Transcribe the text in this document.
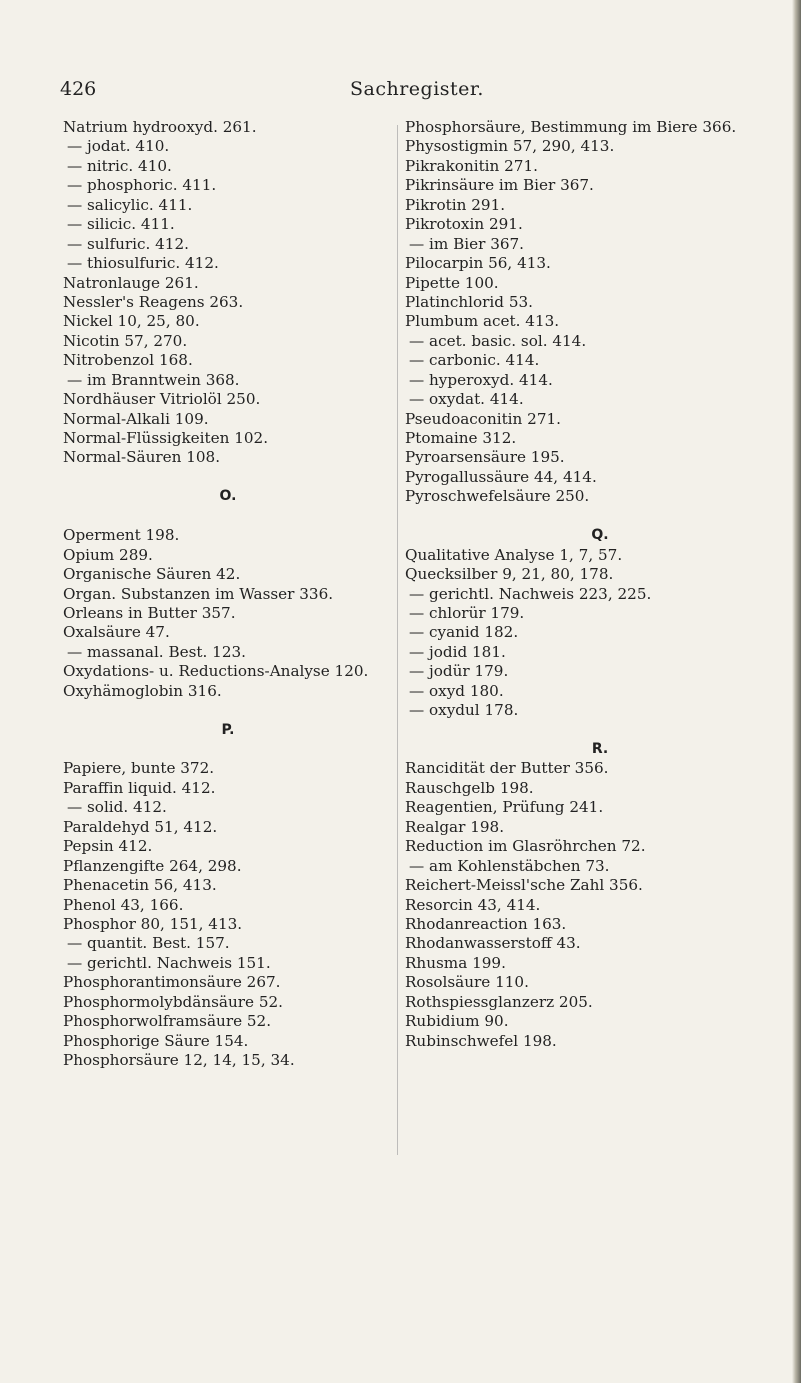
426	Sachregister.
Natrium hydrooxyd. 261.
— jodat. 410.
— nitric. 410.
— phosphoric. 411.
— salicylic. 411.
— silicic. 411.
— sulfuric. 412.
— thiosulfuric. 412.
Natronlauge 261.
Nessler's Reagens 263.
Nickel 10, 25, 80.
Nicotin 57, 270.
Nitrobenzol 168.
— im Branntwein 368.
Nordhäuser Vitriolöl 250.
Normal-Alkali 109.
Normal-Flüssigkeiten 102.
Normal-Säuren 108.
O.
Operment 198.
Opium 289.
Organische Säuren 42.
Organ. Substanzen im Wasser 336.
Orleans in Butter 357.
Oxalsäure 47.
— massanal. Best. 123.
Oxydations- u. Reductions-Analyse 120.
Oxyhämoglobin 316.
P.
Papiere, bunte 372.
Paraffin liquid. 412.
— solid. 412.
Paraldehyd 51, 412.
Pepsin 412.
Pflanzengifte 264, 298.
Phenacetin 56, 413.
Phenol 43, 166.
Phosphor 80, 151, 413.
— quantit. Best. 157.
— gerichtl. Nachweis 151.
Phosphorantimonsäure 267.
Phosphormolybdänsäure 52.
Phosphorwolframsäure 52.
Phosphorige Säure 154.
Phosphorsäure 12, 14, 15, 34.
Phosphorsäure, Bestimmung im Biere 366.
Physostigmin 57, 290, 413.
Pikrakonitin 271.
Pikrinsäure im Bier 367.
Pikrotin 291.
Pikrotoxin 291.
— im Bier 367.
Pilocarpin 56, 413.
Pipette 100.
Platinchlorid 53.
Plumbum acet. 413.
— acet. basic. sol. 414.
— carbonic. 414.
— hyperoxyd. 414.
— oxydat. 414.
Pseudoaconitin 271.
Ptomaine 312.
Pyroarsensäure 195.
Pyrogallussäure 44, 414.
Pyroschwefelsäure 250.
Q.
Qualitative Analyse 1, 7, 57.
Quecksilber 9, 21, 80, 178.
— gerichtl. Nachweis 223, 225.
— chlorür 179.
— cyanid 182.
— jodid 181.
— jodür 179.
— oxyd 180.
— oxydul 178.
R.
Rancidität der Butter 356.
Rauschgelb 198.
Reagentien, Prüfung 241.
Realgar 198.
Reduction im Glasröhrchen 72.
— am Kohlenstäbchen 73.
Reichert-Meissl'sche Zahl 356.
Resorcin 43, 414.
Rhodanreaction 163.
Rhodanwasserstoff 43.
Rhusma 199.
Rosolsäure 110.
Rothspiessglanzerz 205.
Rubidium 90.
Rubinschwefel 198.
